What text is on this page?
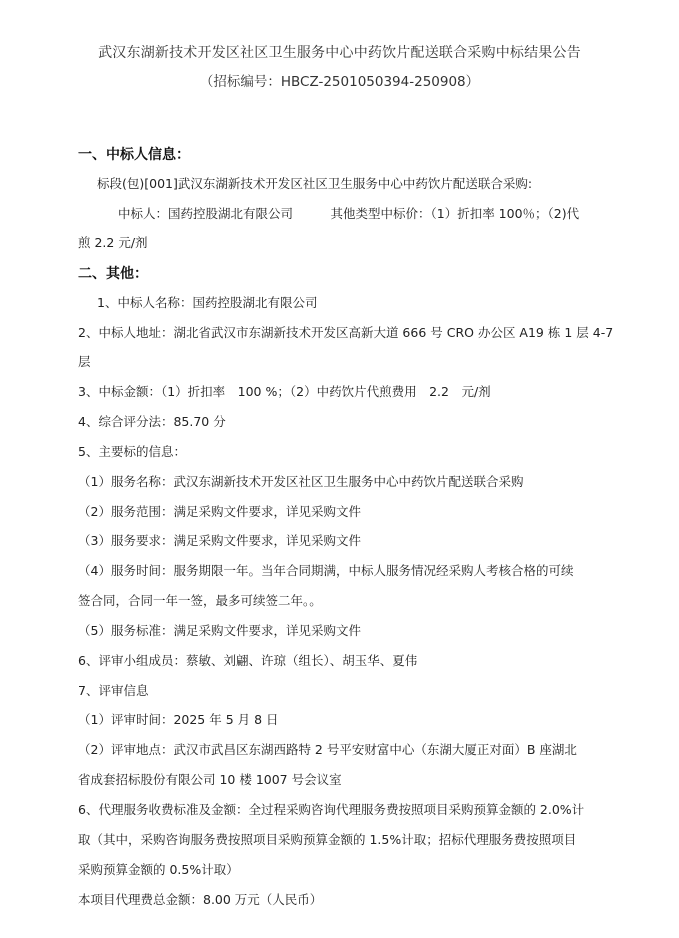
武汉东湖新技术开发区社区卫生服务中心中药饮片配送联合采购中标结果公告
（招标编号：HBCZ-2501050394-250908）
一、中标人信息：
标段(包)[001]武汉东湖新技术开发区社区卫生服务中心中药饮片配送联合采购:
中标人：国药控股湖北有限公司　　　其他类型中标价：（1）折扣率 100％；（2)代
煎 2.2 元/剂
二、其他：
1、中标人名称：国药控股湖北有限公司
2、中标人地址：湖北省武汉市东湖新技术开发区高新大道 666 号 CRO 办公区 A19 栋 1 层 4-7
层
3、中标金额：（1）折扣率　100 %；（2）中药饮片代煎费用　2.2　元/剂
4、综合评分法：85.70 分
5、主要标的信息：
（1）服务名称：武汉东湖新技术开发区社区卫生服务中心中药饮片配送联合采购
（2）服务范围：满足采购文件要求，详见采购文件
（3）服务要求：满足采购文件要求，详见采购文件
（4）服务时间：服务期限一年。当年合同期满，中标人服务情况经采购人考核合格的可续
签合同，合同一年一签，最多可续签二年。。
（5）服务标准：满足采购文件要求，详见采购文件
6、评审小组成员：蔡敏、刘翩、许琼（组长）、胡玉华、夏伟
7、评审信息
（1）评审时间：2025 年 5 月 8 日
（2）评审地点：武汉市武昌区东湖西路特 2 号平安财富中心（东湖大厦正对面）B 座湖北
省成套招标股份有限公司 10 楼 1007 号会议室
6、代理服务收费标准及金额：全过程采购咨询代理服务费按照项目采购预算金额的 2.0%计
取（其中，采购咨询服务费按照项目采购预算金额的 1.5%计取；招标代理服务费按照项目
采购预算金额的 0.5%计取）
本项目代理费总金额：8.00 万元（人民币）
